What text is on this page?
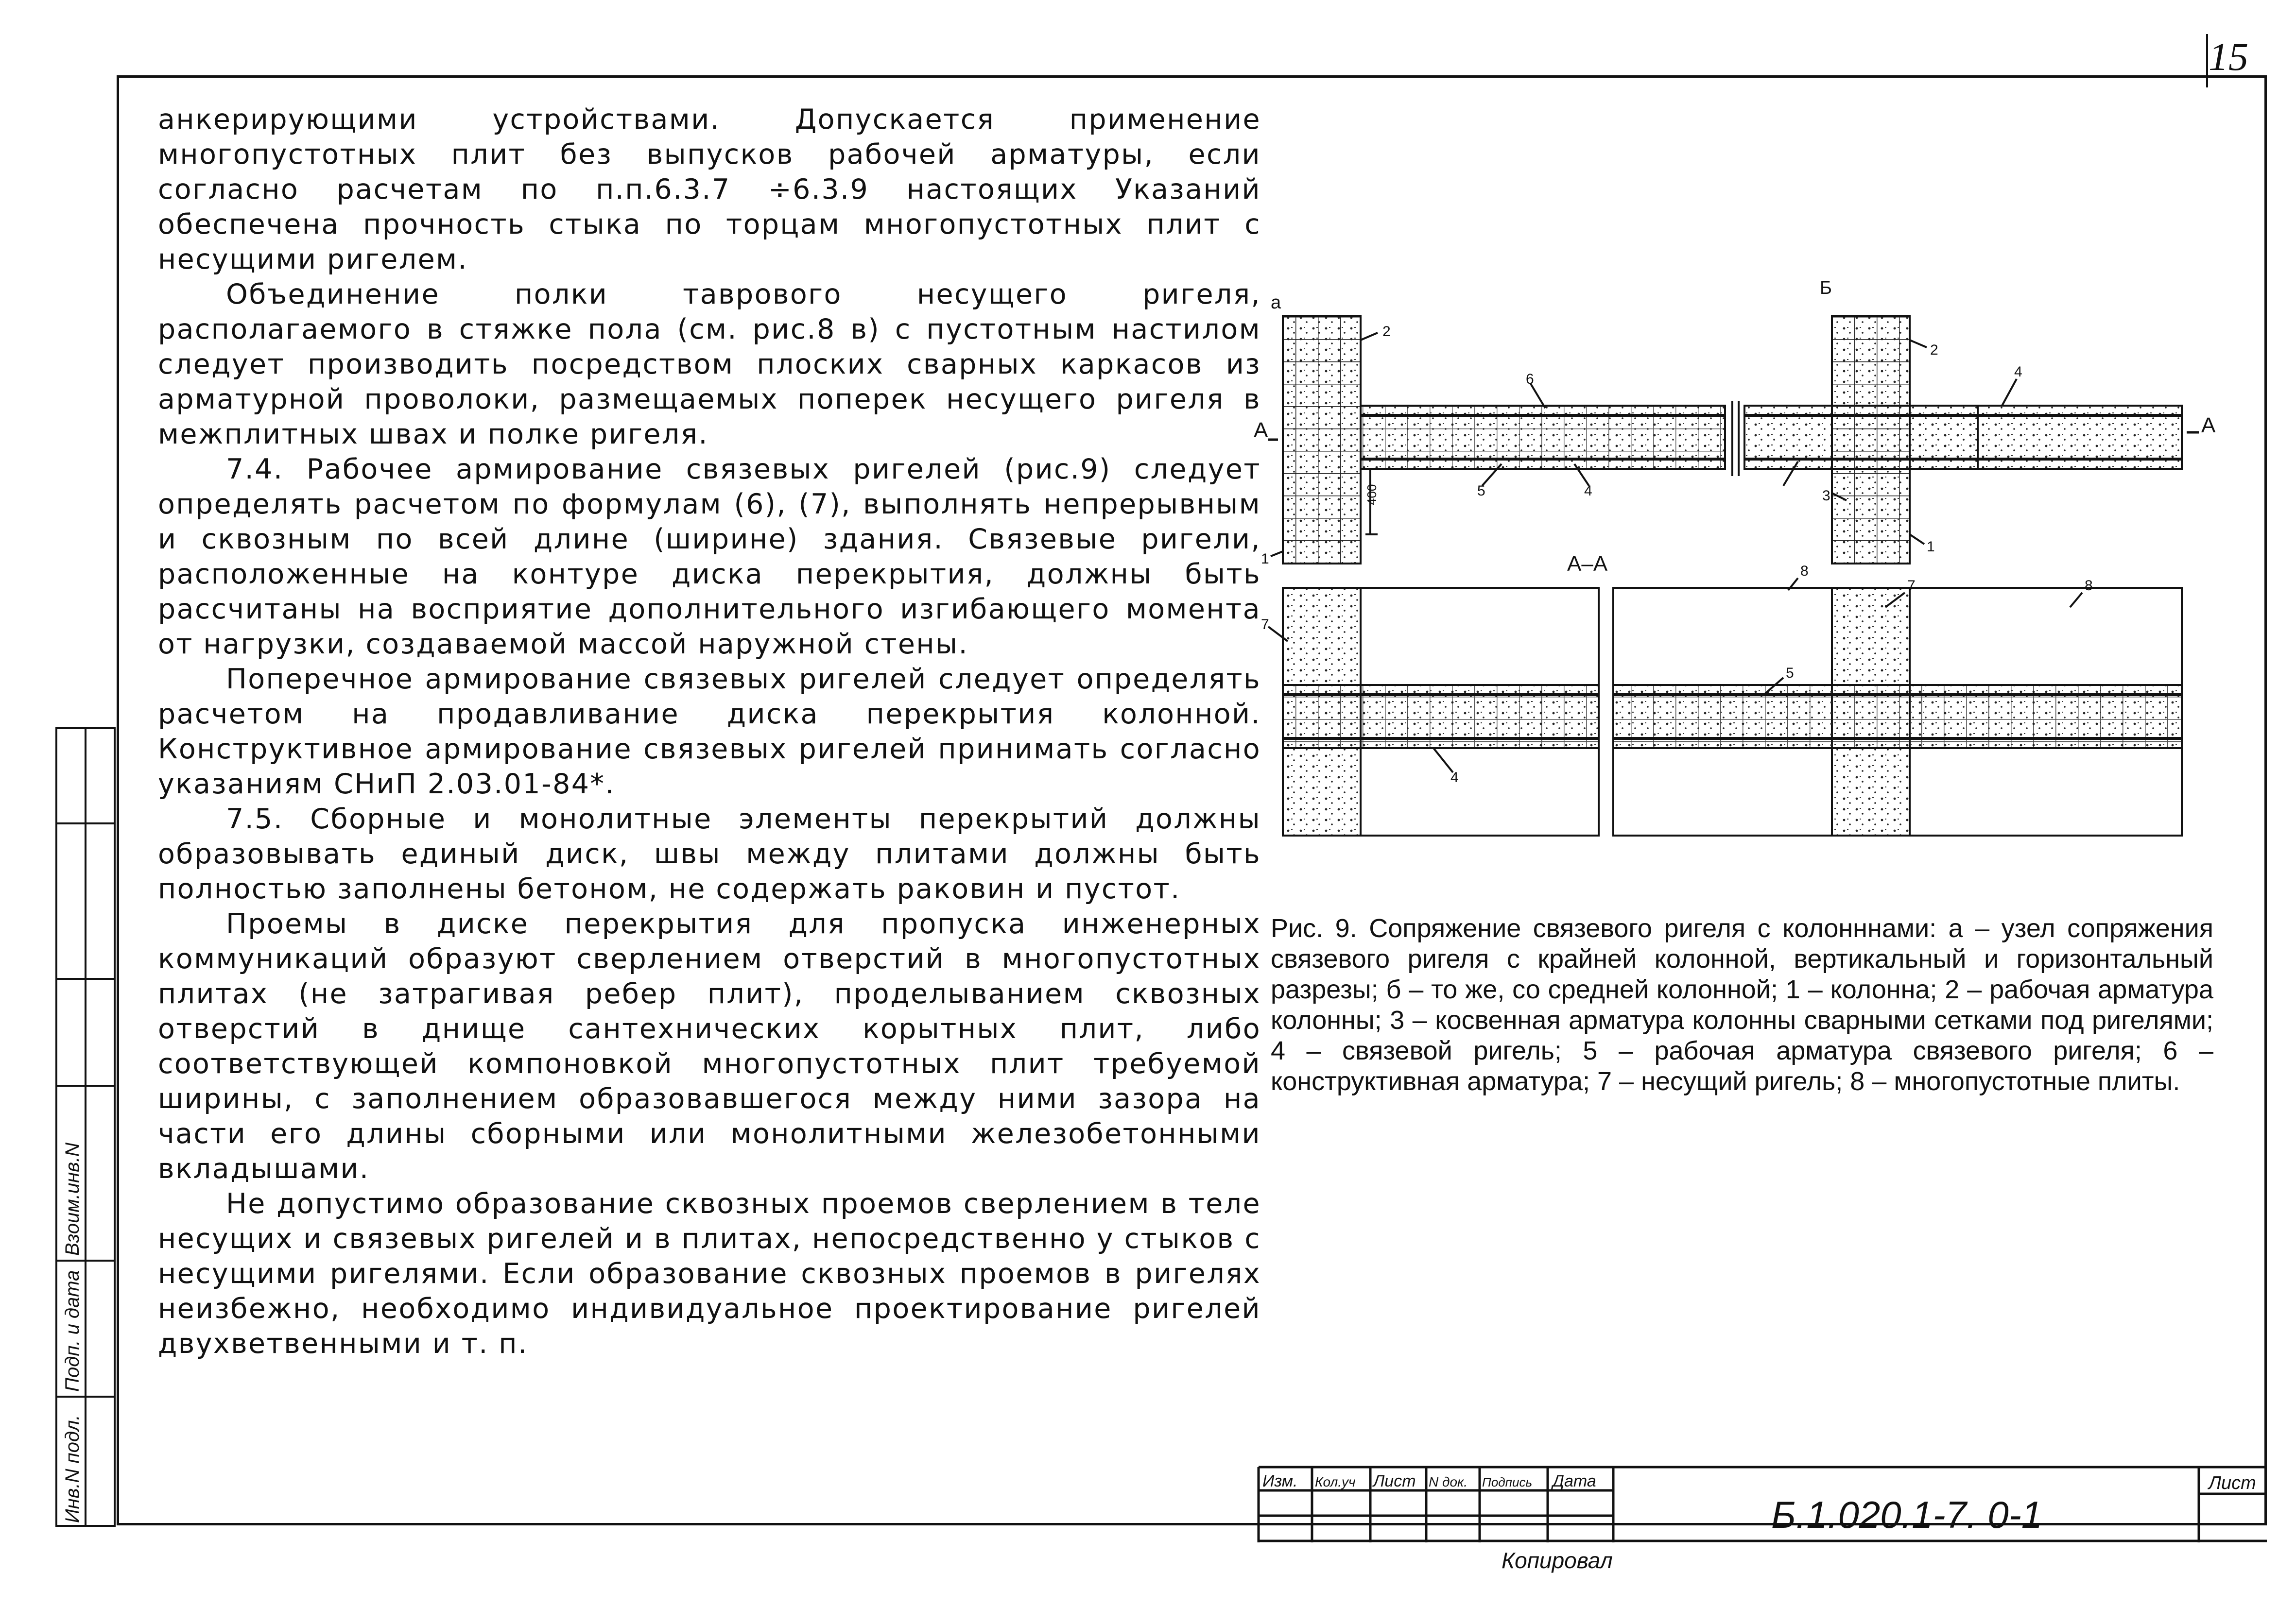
15

анкерирующими устройствами. Допускается применение многопустотных плит без выпусков рабочей арматуры, если согласно расчетам по п.п.6.3.7 ÷6.3.9 настоящих Указаний обеспечена прочность стыка по торцам многопустотных плит с несущими ригелем.

Объединение полки таврового несущего ригеля, располагаемого в стяжке пола (см. рис.8 в) с пустотным настилом следует производить посредством плоских сварных каркасов из арматурной проволоки, размещаемых поперек несущего ригеля в межплитных швах и полке ригеля.

7.4. Рабочее армирование связевых ригелей (рис.9) следует определять расчетом по формулам (6), (7), выполнять непрерывным и сквозным по всей длине (ширине) здания. Связевые ригели, расположенные на контуре диска перекрытия, должны быть рассчитаны на восприятие дополнительного изгибающего момента от нагрузки, создаваемой массой наружной стены.

Поперечное армирование связевых ригелей следует определять расчетом на продавливание диска перекрытия колонной. Конструктивное армирование связевых ригелей принимать согласно указаниям СНиП 2.03.01-84*.

7.5. Сборные и монолитные элементы перекрытий должны образовывать единый диск, швы между плитами должны быть полностью заполнены бетоном, не содержать раковин и пустот.

Проемы в диске перекрытия для пропуска инженерных коммуникаций образуют сверлением отверстий в многопустотных плитах (не затрагивая ребер плит), проделыванием сквозных отверстий в днище сантехнических корытных плит, либо соответствующей компоновкой многопустотных плит требуемой ширины, с заполнением образовавшегося между ними зазора на части его длины сборными или монолитными железобетонными вкладышами.

Не допустимо образование сквозных проемов сверлением в теле несущих и связевых ригелей и в плитах, непосредственно у стыков с несущими ригелями. Если образование сквозных проемов в ригелях неизбежно, необходимо индивидуальное проектирование ригелей двухветвенными и т. п.

Б
а
А–А
А	А
400
2
2
6	4
5	4	3
1
1
8
7	8
5
4
7

Рис. 9. Сопряжение связевого ригеля с колонннами: а – узел сопряжения связевого ригеля с крайней колонной, вертикальный и горизонтальный разрезы; б – то же, со средней колонной; 1 – колонна; 2 – рабочая арматура колонны; 3 – косвенная арматура колонны сварными сетками под ригелями; 4 – связевой ригель; 5 – рабочая арматура связевого ригеля; 6 – конструктивная арматура; 7 – несущий ригель; 8 – многопустотные плиты.

Инв.N подл.
Подп. и дата
Взоим.инв.N
Изм. Кол.уч Лист N док. Подпись Дата
Б.1.020.1-7. 0-1
Лист
Копировал
